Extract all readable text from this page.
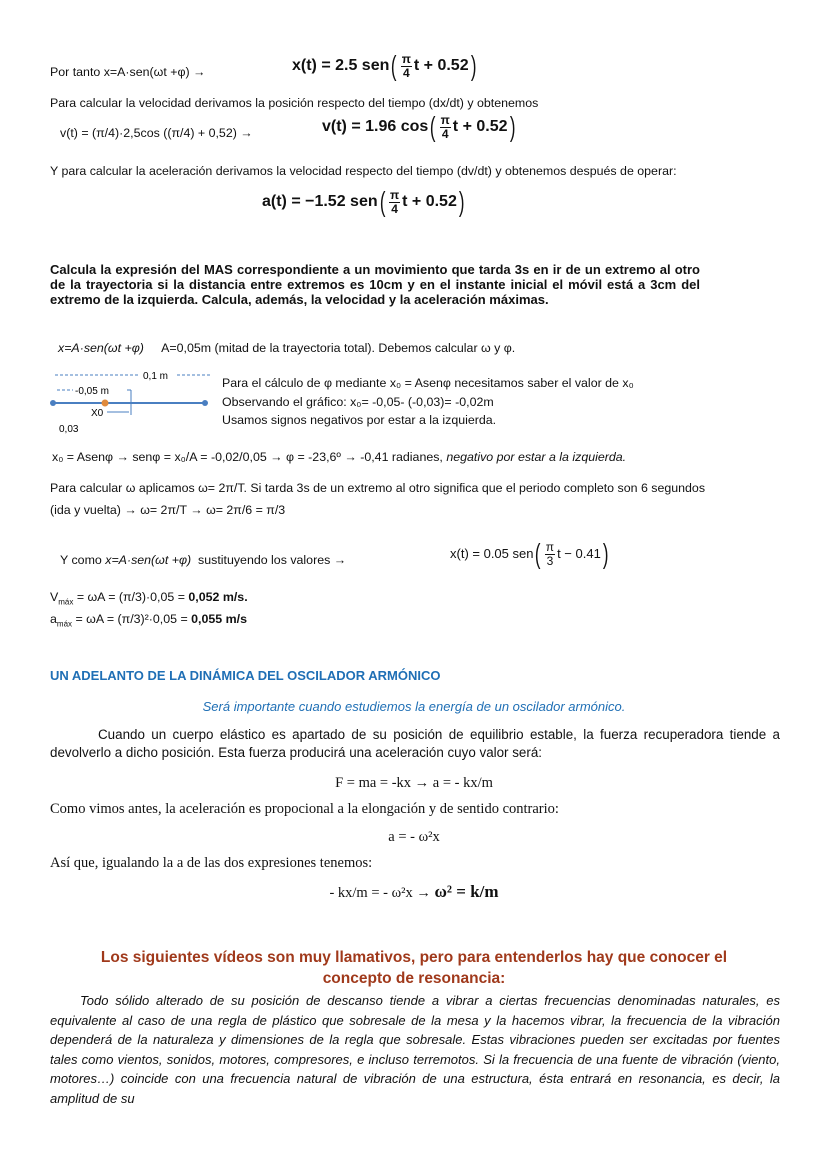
Por tanto x=A·sen(ωt +φ) →	x(t) = 2.5 sen ( π
4 t + 0.52 )
Para calcular la velocidad derivamos la posición respecto del tiempo (dx/dt) y obtenemos
v(t) = (π/4)·2,5cos ((π/4) + 0,52) →	v(t) = 1.96 cos ( π
4 t + 0.52 )
Y para calcular la aceleración derivamos la velocidad respecto del tiempo (dv/dt) y obtenemos después de operar:
a(t) = −1.52 sen ( π
4 t + 0.52 )
Calcula la expresión del MAS correspondiente a un movimiento que tarda 3s en ir de un extremo al otro de la trayectoria si la distancia entre extremos es 10cm y en el instante inicial el móvil está a 3cm del extremo de la izquierda. Calcula, además, la velocidad y la aceleración máximas.
x=A·sen(ωt +φ) A=0,05m (mitad de la trayectoria total). Debemos calcular ω y φ.
0,1 m
-0,05 m
X0
0,03
Para el cálculo de φ mediante x₀ = Asenφ necesitamos saber el valor de x₀
Observando el gráfico: x₀= -0,05- (-0,03)= -0,02m
Usamos signos negativos por estar a la izquierda.
x₀ = Asenφ → senφ = x₀/A = -0,02/0,05 → φ = -23,6º → -0,41 radianes, negativo por estar a la izquierda.
Para calcular ω aplicamos ω= 2π/T. Si tarda 3s de un extremo al otro significa que el periodo completo son 6 segundos
(ida y vuelta) → ω= 2π/T → ω= 2π/6 = π/3
Y como x=A·sen(ωt +φ) sustituyendo los valores →	x(t) = 0.05 sen ( π
3 t − 0.41 )
$V_{máx} = \omega A = (\pi/3)\cdot 0,05 = 0,052$ m/s.
$a_{máx} = \omega A = (\pi/3)^2\cdot 0,05 = 0,055$ m/s
UN ADELANTO DE LA DINÁMICA DEL OSCILADOR ARMÓNICO
Será importante cuando estudiemos la energía de un oscilador armónico.
Cuando un cuerpo elástico es apartado de su posición de equilibrio estable, la fuerza recuperadora tiende a devolverlo a dicho posición. Esta fuerza producirá una aceleración cuyo valor será:
F = ma = -kx → a = - kx/m
Como vimos antes, la aceleración es propocional a la elongación y de sentido contrario:
a = - ω²x
Así que, igualando la a de las dos expresiones tenemos:
- kx/m = - ω²x → ω² = k/m
Los siguientes vídeos son muy llamativos, pero para entenderlos hay que conocer el
concepto de resonancia:
Todo sólido alterado de su posición de descanso tiende a vibrar a ciertas frecuencias denominadas naturales, es equivalente al caso de una regla de plástico que sobresale de la mesa y la hacemos vibrar, la frecuencia de la vibración dependerá de la naturaleza y dimensiones de la regla que sobresale. Estas vibraciones pueden ser excitadas por fuentes tales como vientos, sonidos, motores, compresores, e incluso terremotos. Si la frecuencia de una fuente de vibración (viento, motores…) coincide con una frecuencia natural de vibración de una estructura, ésta entrará en resonancia, es decir, la amplitud de su
